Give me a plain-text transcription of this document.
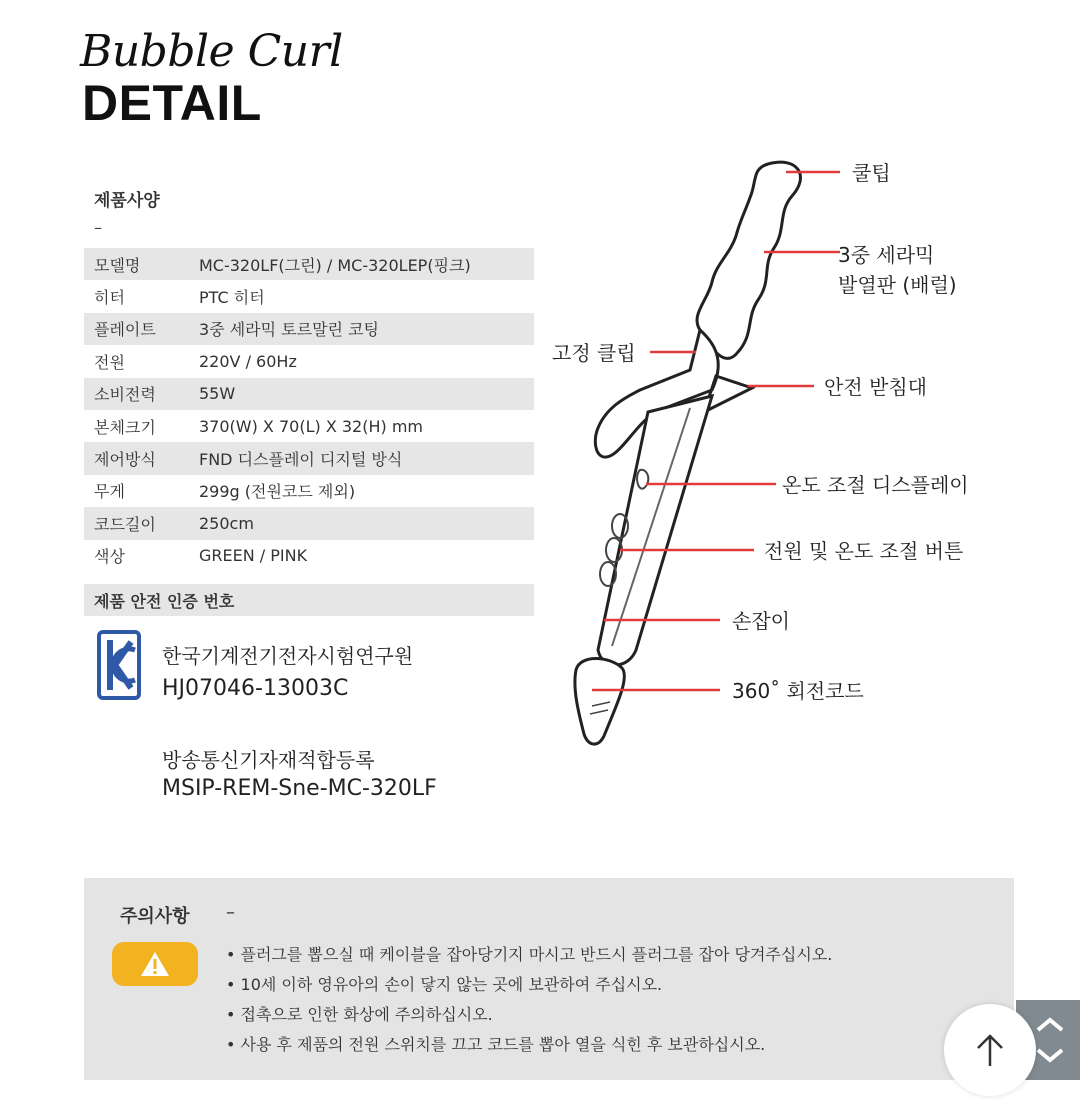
Bubble Curl
DETAIL
제품사양
–
모델명	MC-320LF(그린) / MC-320LEP(핑크)
히터	PTC 히터
플레이트	3중 세라믹 토르말린 코팅
전원	220V / 60Hz
소비전력	55W
본체크기	370(W) X 70(L) X 32(H) mm
제어방식	FND 디스플레이 디지털 방식
무게	299g (전원코드 제외)
코드길이	250cm
색상	GREEN / PINK
제품 안전 인증 번호
한국기계전기전자시험연구원
HJ07046-13003C
방송통신기자재적합등록
MSIP-REM-Sne-MC-320LF
쿨팁
3중 세라믹
발열판 (배럴)
고정 클립
안전 받침대
온도 조절 디스플레이
전원 및 온도 조절 버튼
손잡이
360˚ 회전코드
주의사항 –
• 플러그를 뽑으실 때 케이블을 잡아당기지 마시고 반드시 플러그를 잡아 당겨주십시오.
• 10세 이하 영유아의 손이 닿지 않는 곳에 보관하여 주십시오.
• 접촉으로 인한 화상에 주의하십시오.
• 사용 후 제품의 전원 스위치를 끄고 코드를 뽑아 열을 식힌 후 보관하십시오.
